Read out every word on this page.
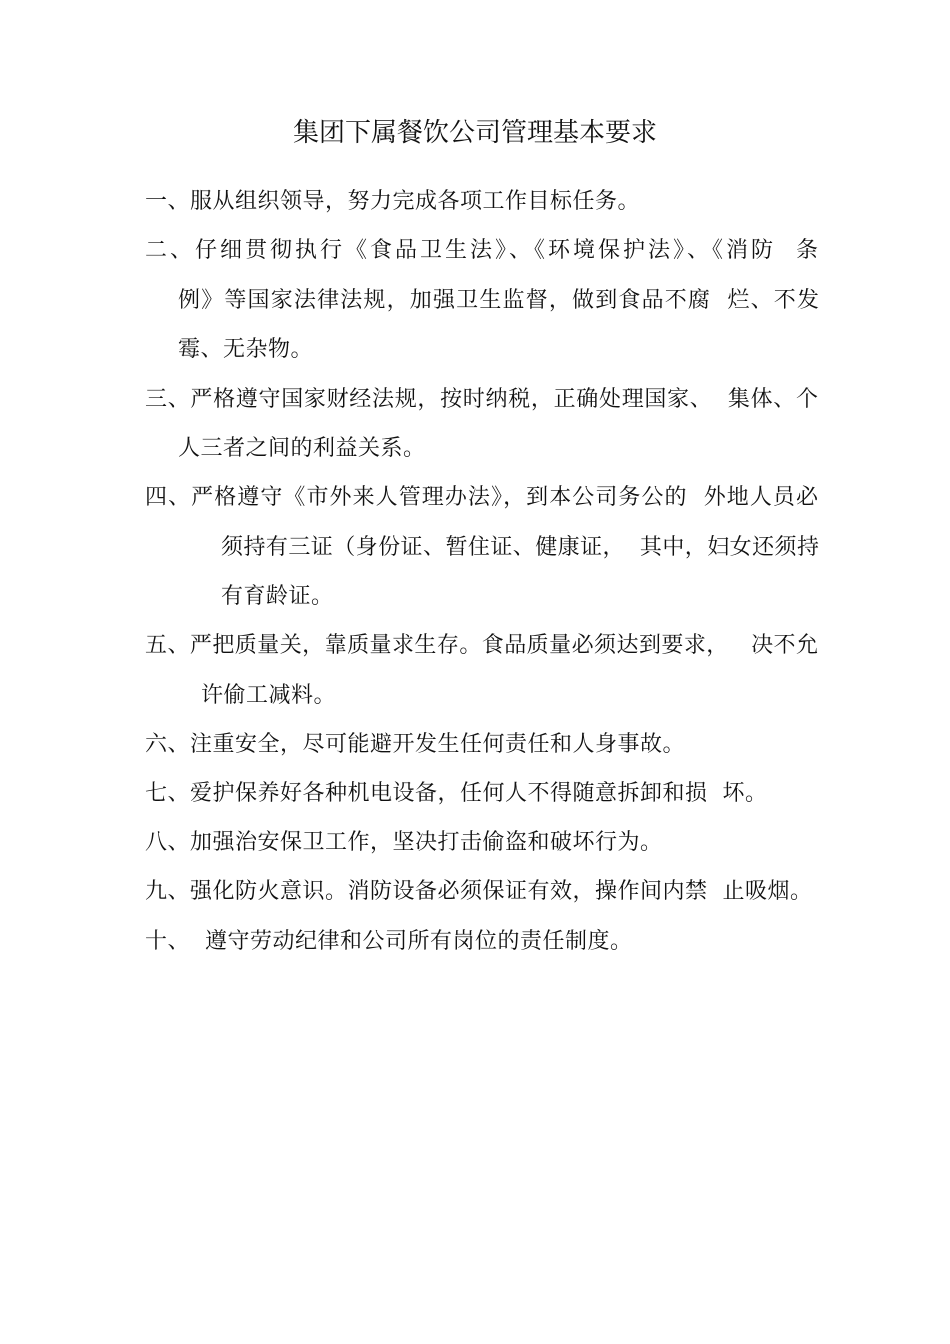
集团下属餐饮公司管理基本要求
一、服从组织领导，努力完成各项工作目标任务。
二、仔细贯彻执行《食品卫生法》、《环境保护法》、《消防  条
例》等国家法律法规，加强卫生监督，做到食品不腐  烂、不发
霉、无杂物。
三、严格遵守国家财经法规，按时纳税，正确处理国家、  集体、个
人三者之间的利益关系。
四、严格遵守《市外来人管理办法》，到本公司务公的  外地人员必
须持有三证（身份证、暂住证、健康证，  其中，妇女还须持
有育龄证。
五、严把质量关，靠质量求生存。食品质量必须达到要求，   决不允
许偷工减料。
六、注重安全，尽可能避开发生任何责任和人身事故。
七、爱护保养好各种机电设备，任何人不得随意拆卸和损  坏。
八、加强治安保卫工作，坚决打击偷盗和破坏行为。
九、强化防火意识。消防设备必须保证有效，操作间内禁  止吸烟。
十、  遵守劳动纪律和公司所有岗位的责任制度。
